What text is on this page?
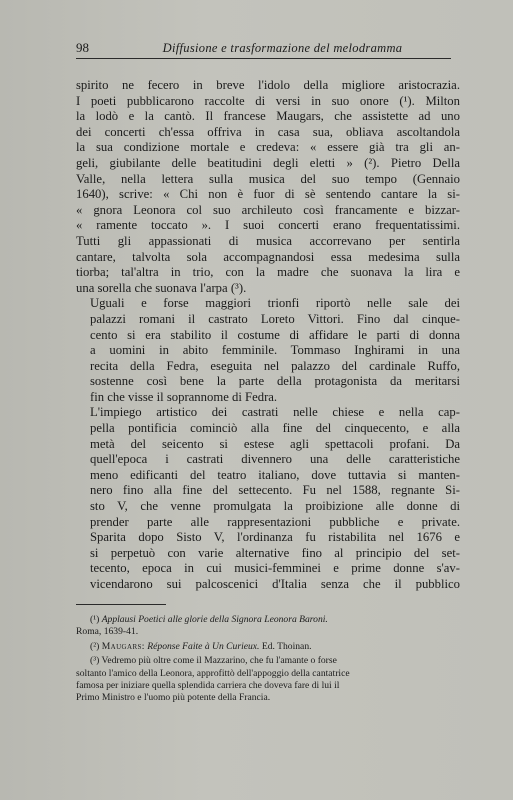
98	Diffusione e trasformazione del melodramma

spirito ne fecero in breve l'idolo della migliore aristocrazia.
I poeti pubblicarono raccolte di versi in suo onore (¹). Milton
la lodò e la cantò. Il francese Maugars, che assistette ad uno
dei concerti ch'essa offriva in casa sua, obliava ascoltandola
la sua condizione mortale e credeva: « essere già tra gli an-
geli, giubilante delle beatitudini degli eletti » (²). Pietro Della
Valle, nella lettera sulla musica del suo tempo (Gennaio
1640), scrive: « Chi non è fuor di sè sentendo cantare la si-
« gnora Leonora col suo archileuto così francamente e bizzar-
« ramente toccato ». I suoi concerti erano frequentatissimi.
Tutti gli appassionati di musica accorrevano per sentirla
cantare, talvolta sola accompagnandosi essa medesima sulla
tiorba; tal'altra in trio, con la madre che suonava la lira e
una sorella che suonava l'arpa (³).

Uguali e forse maggiori trionfi riportò nelle sale dei
palazzi romani il castrato Loreto Vittori. Fino dal cinque-
cento si era stabilito il costume di affidare le parti di donna
a uomini in abito femminile. Tommaso Inghirami in una
recita della Fedra, eseguita nel palazzo del cardinale Ruffo,
sostenne così bene la parte della protagonista da meritarsi
fin che visse il soprannome di Fedra.

L'impiego artistico dei castrati nelle chiese e nella cap-
pella pontificia cominciò alla fine del cinquecento, e alla
metà del seicento si estese agli spettacoli profani. Da
quell'epoca i castrati divennero una delle caratteristiche
meno edificanti del teatro italiano, dove tuttavia si manten-
nero fino alla fine del settecento. Fu nel 1588, regnante Si-
sto V, che venne promulgata la proibizione alle donne di
prender parte alle rappresentazioni pubbliche e private.
Sparita dopo Sisto V, l'ordinanza fu ristabilita nel 1676 e
si perpetuò con varie alternative fino al principio del set-
tecento, epoca in cui musici-femminei e prime donne s'av-
vicendarono sui palcoscenici d'Italia senza che il pubblico

(¹) Applausi Poetici alle glorie della Signora Leonora Baroni.
Roma, 1639-41.

(²) Maugars: Réponse Faite à Un Curieux. Ed. Thoinan.

(³) Vedremo più oltre come il Mazzarino, che fu l'amante o forse
soltanto l'amico della Leonora, approfittò dell'appoggio della cantatrice
famosa per iniziare quella splendida carriera che doveva fare di lui il
Primo Ministro e l'uomo più potente della Francia.
